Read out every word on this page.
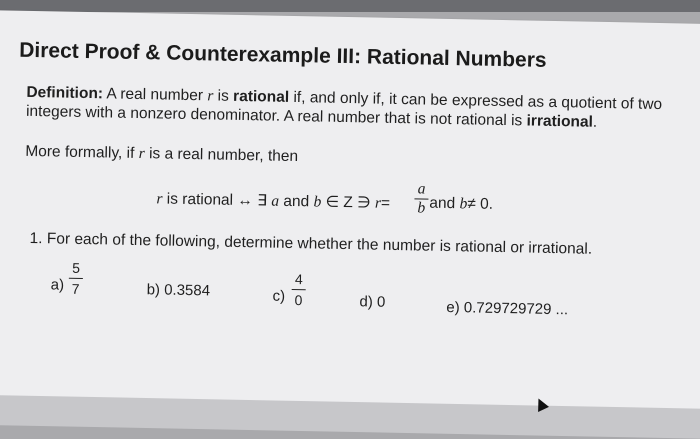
Direct Proof & Counterexample III: Rational Numbers
Definition: A real number r is rational if, and only if, it can be expressed as a quotient of two integers with a nonzero denominator. A real number that is not rational is irrational.
More formally, if r is a real number, then
r is rational ↔ ∃ a and b ∈ Z ∋ r=
a
b and b≠ 0.
1. For each of the following, determine whether the number is rational or irrational.
a)
5
7	b) 0.3584	c)
4
0	d) 0	e) 0.729729729 ...
